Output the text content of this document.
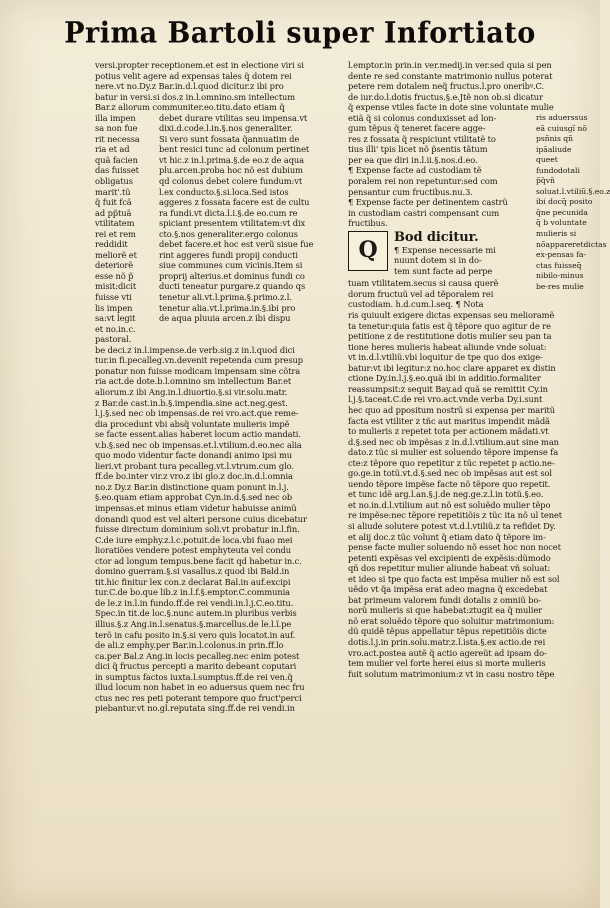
Prima Bartoli super Infortiato
versi.propter receptionem.et est in electione viri si
potius velit agere ad expensas tales q̃ dotem rei
nere.vt no.Dy.z Bar.in.d.l.quod dicitur.z ibi pro
batur in versi.si dos.z in.l.omnino.sm intellectum
Bar.z aliorum communiter.eo.titu.dato etiam q̃
illa impen
sa non fue
rit necessa
ria et ad
quã facien
das fuisset
obligatus
marit'.tũ
q̃ fuit fcã
ad pp̃tuã
vtilitatem
rei et rem
reddidit
meliorẽ et
deteriorẽ
esse nõ p̃
misit:dicit
fuisse vti
lis impen
sa:vt legit
et no.in.c.
pastoral.
debet durare vtilitas seu impensa.vt
dixi.d.code.l.in.§.nos generaliter.
Si vero sunt fossata q̃annuatim de
bent resici tunc ad colonum pertinet
vt hic.z in.l.prima.§.de eo.z de aqua
plu.arcen.proba hoc nõ est dubium
qd colonus debet colere fundum:vt
l.ex conducto.§.si.loca.Sed istos
aggeres z fossata facere est de cultu
ra fundi.vt dicta.l.i.§.de eo.cum re
spiciant presentem vtilitatem:vt dix
cto.§.nos generaliter.ergo colonus
debet facere.et hoc est verũ sisue fue
rint aggeres fundi propij conducti
siue communes cum vicinis.Item si
proprij alterius.et dominus fundi co
ducti teneatur purgare.z quando qs
tenetur ali.vt.l.prima.§.primo.z.l.
tenetur alia.vt.l.prima.in.§.ibi pro
de aqua pluuia arcen.z ibi dispu
be deci.z in.l.impense.de verb.sig.z in.l.quod dici
tur.in fi.pecalleg.vn.devenit repetenda cum presup
ponatur non fuisse modicam impensam sine cõtra
ria act.de dote.b.l.omnino sm intellectum Bar.et
aliorum.z ibi Ang.in.l.diuortio.§.si vir.solu.matr.
z Bar.de cast.in.b.§.impendia.sine act.neg.gest.
l.j.§.sed nec ob impensas.de rei vro.act.que reme-
dia procedunt vbi absq̃ voluntate mulieris impẽ
se facte essent.alias haberet locum actio mandati.
v.b.§.sed nec ob impensas.et.l.vtilium.d.eo.nec alia
quo modo videntur facte donandi animo ipsi mu
lieri.vt probant tura pecalleg.vt.l.vtrum.cum glo.
ff.de bo.inter vir.z vro.z ibi glo.z doc.in.d.l.omnia
no.z Dy.z Bar.in distinctione quam ponunt in.l.j.
§.eo.quam etiam approbat Cyn.in.d.§.sed nec ob
impensas.et minus etiam videtur habuisse animũ
donandi quod est vel alteri persone cuius dicebatur
fuisse directum dominium soli.vt probatur in.l.fin.
C.de iure emphy.z.l.c.potuit.de loca.vbi fuao mei
lioratiões vendere potest emphyteuta vel condu
ctor ad longum tempus.bene facit qd habetur in.c.
domino guerram.§.si vasallus.z quod ibi Bald.in
tit.hic finitur lex con.z declarat Bal.in auf.excipi
tur.C.de bo.que lib.z in.l.f.§.emptor.C.communia
de le.z in.l.in fundo.ff.de rei vendi.in.l.j.C.eo.titu.
Spec.in tit.de loc.§.nunc autem.in pluribus verbis
illius.§.z Ang.in.l.senatus.§.marcellus.de le.l.ĩ.pe
terõ in cafu posito in.§.si vero quis locatot.in auf.
de ali.z emphy.per Bar.in.l.colonus.in prin.ff.lo
ca.per Bal.z Ang.in locis pecalleg.nec enim potest
dici q̃ fructus percepti a marito debeant coputari
in sumptus factos iuxta.l.sumptus.ff.de rei ven.q̃
illud locum non habet in eo aduersus quem nec fru
ctus nec res peti poterant tempore quo fruct'perci
piebantur.vt no.gl.reputata sing.ff.de rei vendi.in
l.emptor.in prin.in ver.medij.in ver.sed quia si pen
dente re sed constante matrimonio nullus poterat
petere rem dotalem neq̃ fructus.l.pro oneribꝰ.C.
de iur.do.l.dotis fructus.§.e.Jtẽ non ob.si dicatur
q̃ expense vtiles facte in dote sine voluntate mulie
etiã q̃ si colonus conduxisset ad lon-
gum tẽpus q̃ teneret facere agge-
res z fossata q̃ respiciunt vtilitatẽ to
tius illi' tpis licet nõ p̃sentis tãtum
per ea que diri in.l.ii.§.nos.d.eo.
¶ Expense facte ad custodiam tẽ
poralem rei non repetuntur:sed com
pensantur cum fructibus.nu.3.
¶ Expense facte per detinentem castrũ
in custodiam castri compensant cum
fructibus.
Q
Bod dicitur.
¶ Expense necessarie mi
nuunt dotem si in do-
tem sunt facte ad perpe
tuam vtilitatem.secus si causa querẽ
dorum fructuũ vel ad tẽporalem rei
custodiam. h.d.cum.l.seq. ¶ Nota
ris quiuult exigere dictas expensas seu melioramẽ
ta tenetur:quia fatis est q̃ tẽpore quo agitur de re
petitione z de restitutione dotis mulier seu pan ta
tione heres mulieris habeat aliunde vnde soluat:
vt in.d.l.vtiliũ.vbi loquitur de tpe quo dos exige-
batur:vt ibi legitur:z no.hoc clare apparet ex distin
ctione Dy.in.l.j.§.eo.quã ibi in additio.formaliter
reassumpsit:z sequit Bay.ad quã se remittit Cy.in
l.j.§.taceat.C.de rei vro.act.vnde verba Dy.i.sunt
hec quo ad ppositum nostrũ si expensa per maritũ
facta est vtiliter z tñc aut maritus impendit mãdã
to mulieris z repetet tota per actionem mãdati.vt
d.§.sed nec ob impẽsas z in.d.l.vtilium.aut sine man
dato.z tũc si mulier est soluendo tẽpore impense fa
cte:z tẽpore quo repetitur z tũc repetet p actio.ne-
go.ge.in totũ.vt.d.§.sed nec ob impẽsas aut est sol
uendo tẽpore impẽse facte nõ tẽpore quo repetit.
et tunc idẽ arg.l.an.§.j.de neg.ge.z.l.in totũ.§.eo.
et no.in.d.l.vtilium aut nõ est soluẽdo mulier tẽpo
re impẽse:nec tẽpore repetitiõis z tũc ita nõ ul tenet
si aliude solutere potest vt.d.l.vtiliũ.z ta refidet Dy.
et alij doc.z tũc volunt q̃ etiam dato q̃ tẽpore im-
pense facte mulier soluendo nõ esset hoc non nocet
petenti expẽsas vel excipienti de expẽsis:dũmodo
qñ dos repetitur mulier aliunde habeat vñ soluat:
et ideo si tpe quo facta est impẽsa mulier nõ est sol
uẽdo vt q̃a impẽsa erat adeo magna q̃ excedebat
bat primeum valorem fundi dotalis z omniũ bo-
norũ mulieris si que habebat:ztugit ea q̃ mulier
nõ erat soluẽdo tẽpore quo soluitur matrimonium:
dũ quidẽ tẽpus appellatur tẽpus repetitiõis dicte
dotis.l.j.in prin.solu.matr.z.l.ista.§.ex actio.de rei
vro.act.postea autẽ q̃ actio agereũt ad ipsam do-
tem mulier vel forte herei eius si morte mulieris
fuit solutum matrimonium:z vt in casu nostro tẽpe
ris aduerssus eã cuiusgĩ nõ psñnis qñ ipãaliude queet fundodotali p̃q̃vñ soluat.l.vtiliũ.§.eo.z ibi docq̃ posito q̃ne pecunida q̃ b voluntate mulieris si nõappareretdictas ex-pensas fa-ctas fuisseq̃ nibilo-minus be-res mulie
